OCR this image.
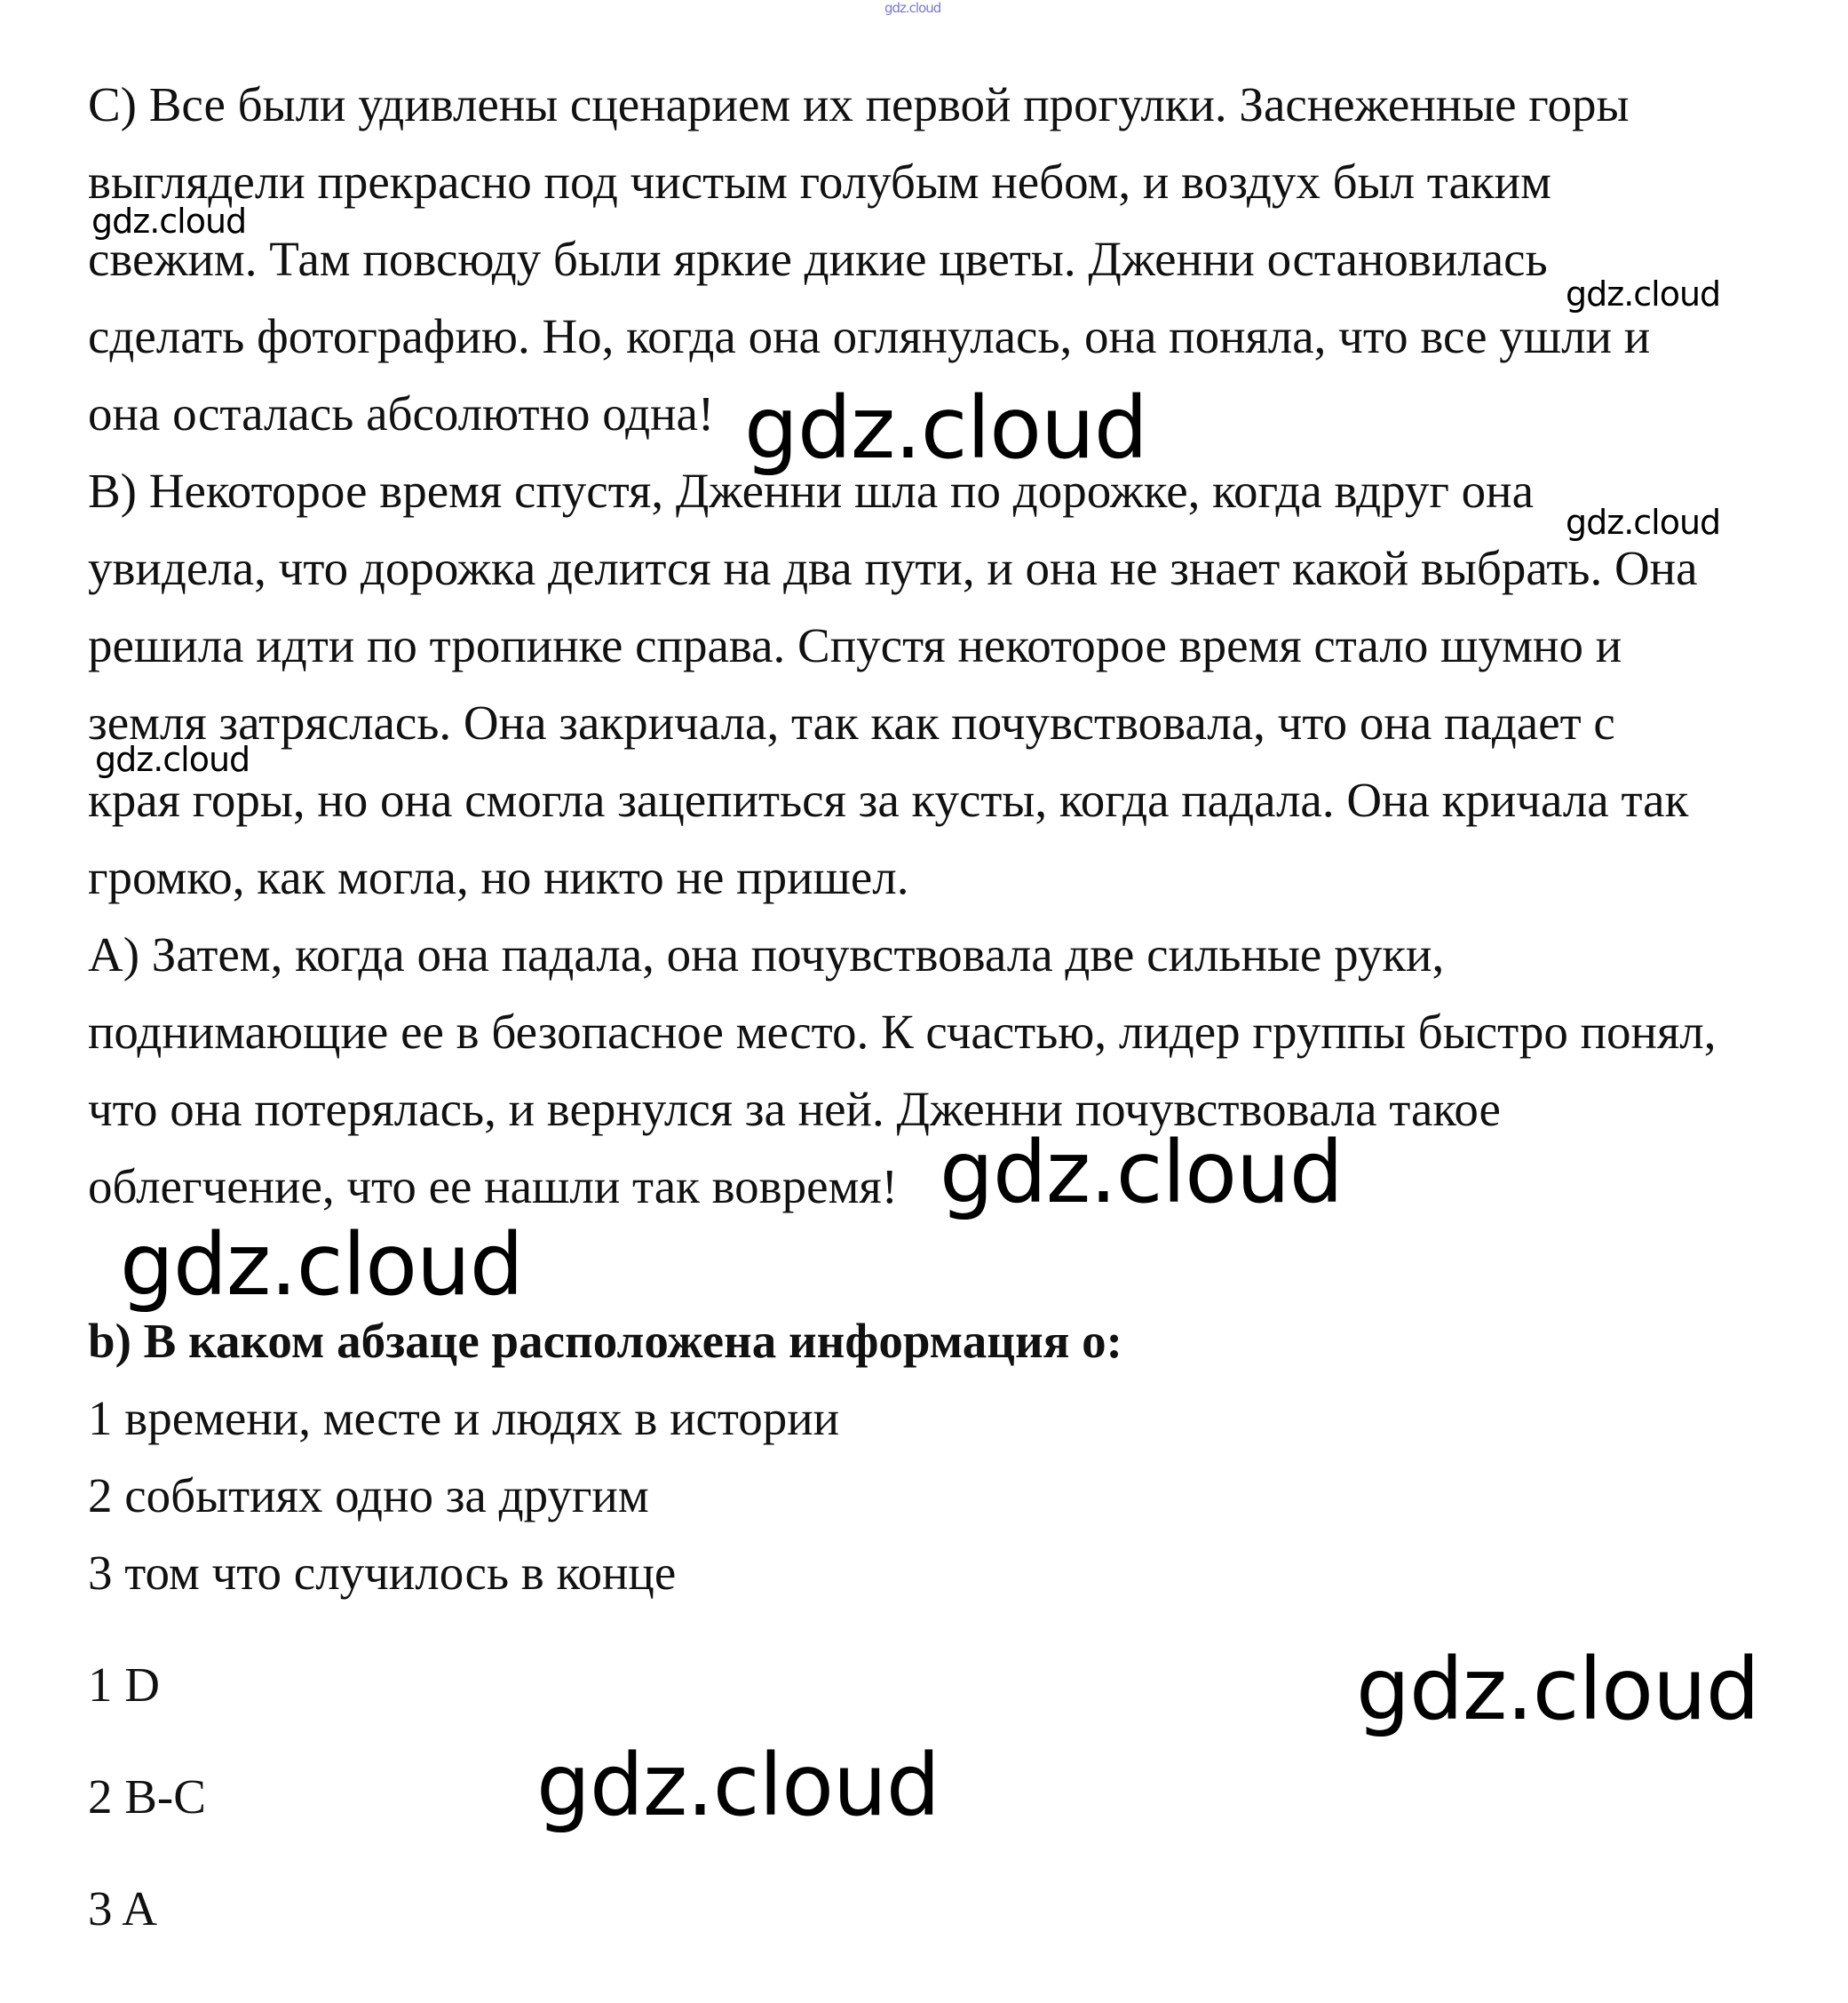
C) Все были удивлены сценарием их первой прогулки. Заснеженные горы

выглядели прекрасно под чистым голубым небом, и воздух был таким

свежим. Там повсюду были яркие дикие цветы. Дженни остановилась

сделать фотографию. Но, когда она оглянулась, она поняла, что все ушли и

она осталась абсолютно одна!

B) Некоторое время спустя, Дженни шла по дорожке, когда вдруг она

увидела, что дорожка делится на два пути, и она не знает какой выбрать. Она

решила идти по тропинке справа. Спустя некоторое время стало шумно и

земля затряслась. Она закричала, так как почувствовала, что она падает с

края горы, но она смогла зацепиться за кусты, когда падала. Она кричала так

громко, как могла, но никто не пришел.

A) Затем, когда она падала, она почувствовала две сильные руки,

поднимающие ее в безопасное место. К счастью, лидер группы быстро понял,

что она потерялась, и вернулся за ней. Дженни почувствовала такое

облегчение, что ее нашли так вовремя!

b) В каком абзаце расположена информация о:

1 времени, месте и людях в истории

2 событиях одно за другим

3 том что случилось в конце

1 D

2 B-C

3 A

gdz.cloud
gdz.cloud
gdz.cloud
gdz.cloud
gdz.cloud
gdz.cloud
gdz.cloud
gdz.cloud
gdz.cloud
gdz.cloud
